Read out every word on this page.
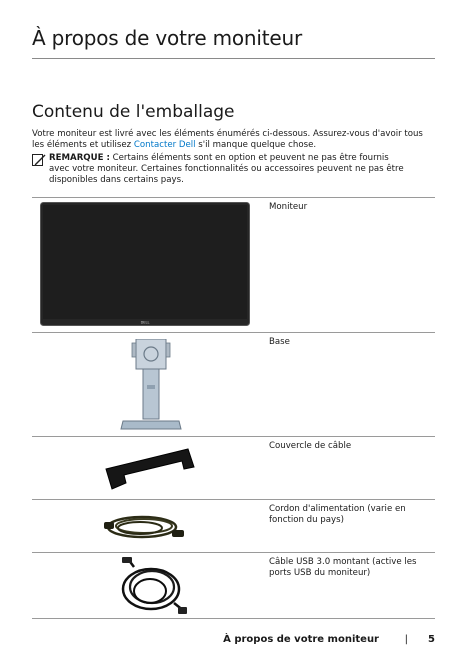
À propos de votre moniteur
Contenu de l'emballage

Votre moniteur est livré avec les éléments énumérés ci-dessous. Assurez-vous d'avoir tous les éléments et utilisez Contacter Dell s'il manque quelque chose.

REMARQUE : Certains éléments sont en option et peuvent ne pas être fournis
avec votre moniteur. Certaines fonctionnalités ou accessoires peuvent ne pas être disponibles dans certains pays.
DELL
Moniteur
Base
Couvercle de câble
Cordon d'alimentation (varie en fonction du pays)
Câble USB 3.0 montant (active les ports USB du moniteur)
À propos de votre moniteur	| 5
